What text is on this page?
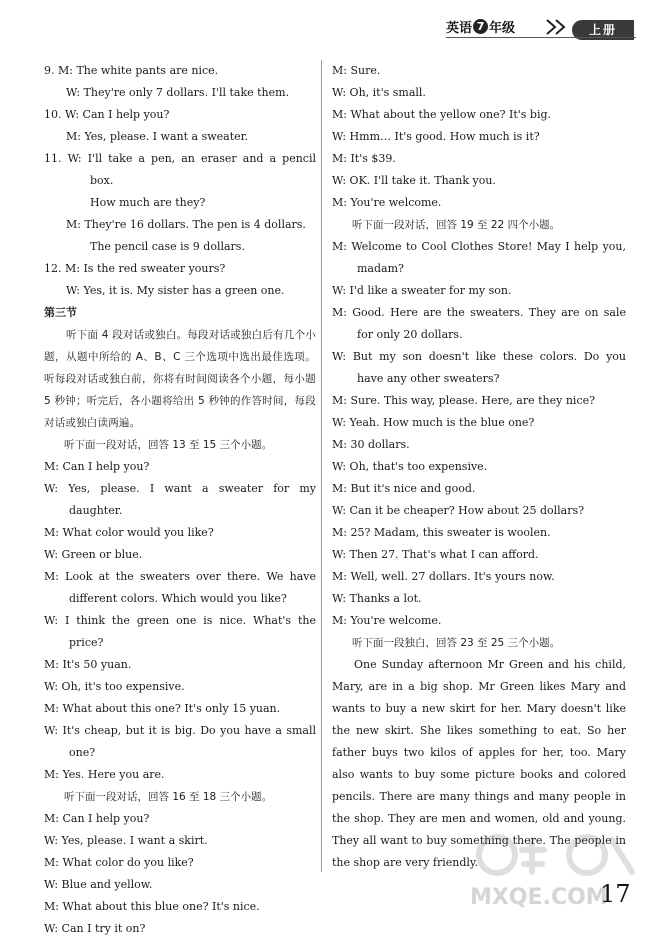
英语 7 年级	上册
9. M: The white pants are nice.
W: They're only 7 dollars. I'll take them.
10. W: Can I help you?
M: Yes, please. I want a sweater.
11. W: I'll take a pen, an eraser and a pencil box.
How much are they?
M: They're 16 dollars. The pen is 4 dollars.
The pencil case is 9 dollars.
12. M: Is the red sweater yours?
W: Yes, it is. My sister has a green one.
第三节
听下面 4 段对话或独白。每段对话或独白后有几个小题，从题中所给的 A、B、C 三个选项中选出最佳选项。听每段对话或独白前，你将有时间阅读各个小题，每小题 5 秒钟；听完后，各小题将给出 5 秒钟的作答时间，每段对话或独白读两遍。
听下面一段对话，回答 13 至 15 三个小题。
M: Can I help you?
W: Yes, please. I want a sweater for my daughter.
M: What color would you like?
W: Green or blue.
M: Look at the sweaters over there. We have different colors. Which would you like?
W: I think the green one is nice. What's the price?
M: It's 50 yuan.
W: Oh, it's too expensive.
M: What about this one? It's only 15 yuan.
W: It's cheap, but it is big. Do you have a small one?
M: Yes. Here you are.
听下面一段对话，回答 16 至 18 三个小题。
M: Can I help you?
W: Yes, please. I want a skirt.
M: What color do you like?
W: Blue and yellow.
M: What about this blue one? It's nice.
W: Can I try it on?
M: Sure.
W: Oh, it's small.
M: What about the yellow one? It's big.
W: Hmm… It's good. How much is it?
M: It's $39.
W: OK. I'll take it. Thank you.
M: You're welcome.
听下面一段对话，回答 19 至 22 四个小题。
M: Welcome to Cool Clothes Store! May I help you, madam?
W: I'd like a sweater for my son.
M: Good. Here are the sweaters. They are on sale for only 20 dollars.
W: But my son doesn't like these colors. Do you have any other sweaters?
M: Sure. This way, please. Here, are they nice?
W: Yeah. How much is the blue one?
M: 30 dollars.
W: Oh, that's too expensive.
M: But it's nice and good.
W: Can it be cheaper? How about 25 dollars?
M: 25? Madam, this sweater is woolen.
W: Then 27. That's what I can afford.
M: Well, well. 27 dollars. It's yours now.
W: Thanks a lot.
M: You're welcome.
听下面一段独白，回答 23 至 25 三个小题。
One Sunday afternoon Mr Green and his child, Mary, are in a big shop. Mr Green likes Mary and wants to buy a new skirt for her. Mary doesn't like the new skirt. She likes something to eat. So her father buys two kilos of apples for her, too. Mary also wants to buy some picture books and colored pencils. There are many things and many people in the shop. They are men and women, old and young. They all want to buy something there. The people in the shop are very friendly.
MXQE.COM
17
